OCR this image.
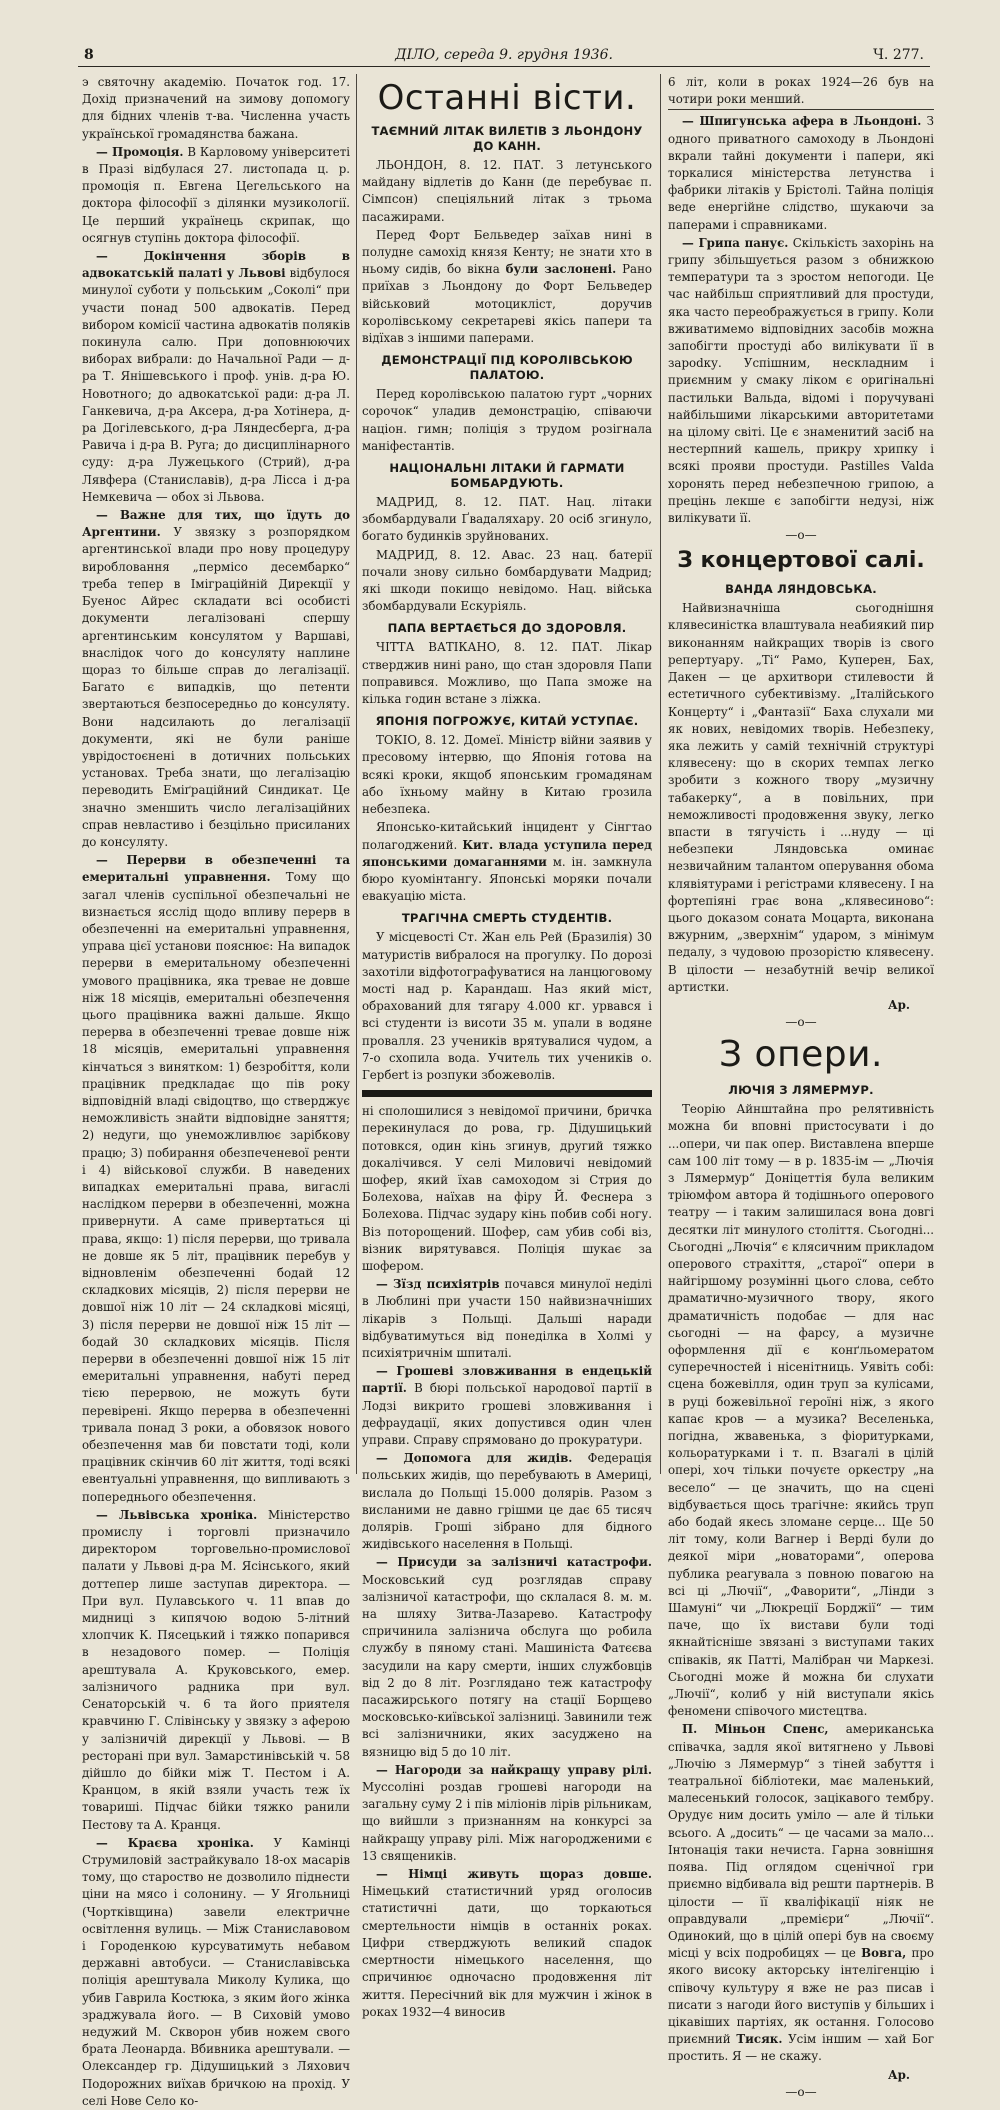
8	ДІЛО, середа 9. грудня 1936.	Ч. 277.

э святочну академію. Початок год. 17. Дохід призначений на зимову допомогу для бідних членів т-ва. Численна участь української громадянства бажана.

— Промоція. В Карловому університеті в Празі відбулася 27. листопада ц. р. промоція п. Евгена Цегельського на доктора філософії з ділянки музикології. Це перший українець скрипак, що осягнув ступінь доктора філософії.

— Докінчення зборів в адвокатській палаті у Львові відбулося минулої суботи у польським „Соколі“ при участи понад 500 адвокатів. Перед вибором комісії частина адвокатів поляків покинула салю. При доповнюючих виборах вибрали: до Начальної Ради — д-ра Т. Янішевського і проф. унів. д-ра Ю. Новотного; до адвокатської ради: д-ра Л. Ганкевича, д-ра Аксера, д-ра Хотінера, д-ра Догілевського, д-ра Ляндесберга, д-ра Равича і д-ра В. Руга; до дисциплінарного суду: д-ра Лужецького (Стрий), д-ра Лявфера (Станиславів), д-ра Лісса і д-ра Немкевича — обох зі Львова.

— Важне для тих, що їдуть до Аргентини. У звязку з розпорядком аргентинської влади про нову процедуру виробловання „пермісо десембарко“ треба тепер в Іміграційній Дирекції у Буенос Айрес складати всі особисті документи легалізовані спершу аргентинським консулятом у Варшаві, внаслідок чого до консуляту наплине щораз то більше справ до легалізації. Багато є випадків, що петенти звертаються безпосередньо до консуляту. Вони надсилають до легалізації документи, які не були раніше уврідостоєнені в дотичних польських установах. Треба знати, що легалізацію переводить Еміґраційний Синдикат. Це значно зменшить число легалізаційних справ невластиво і безцільно присиланих до консуляту.

— Перерви в обезпеченні та емеритальні управнення. Тому що загал членів суспільної обезпечальні не визнається ясслід щодо впливу перерв в обезпеченні на емеритальні управнення, управа цієї установи пояснює: На випадок перерви в емеритальному обезпеченні умового працівника, яка тревае не довше ніж 18 місяців, емеритальні обезпечення цього працівника важні дальше. Якщо перерва в обезпеченні тревае довше ніж 18 місяців, емеритальні управнення кінчаться з винятком: 1) безробіття, коли працівник предкладає що пів року відповідній владі свідоцтво, що стверджує неможливість знайти відповідне заняття; 2) недуги, що унеможливлює зарібкову працю; 3) побирання обезпеченевої ренти і 4) військової служби. В наведених випадках емеритальні права, вигаслі наслідком перерви в обезпеченні, можна привернути. А саме привертаться ці права, якщо: 1) після перерви, що тривала не довше як 5 літ, працівник перебув у відновленім обезпеченні бодай 12 складкових місяців, 2) після перерви не довшої ніж 10 літ — 24 складкові місяці, 3) після перерви не довшої ніж 15 літ — бодай 30 складкових місяців. Після перерви в обезпеченні довшої ніж 15 літ емеритальні управнення, набуті перед тією перервою, не можуть бути перевірені. Якщо перерва в обезпеченні тривала понад 3 роки, а обовязок нового обезпечення мав би повстати тоді, коли працівник скінчив 60 літ життя, тоді всякі евентуальні управнення, що випливають з попереднього обезпечення.

— Львівська хроніка. Міністерство промислу і торговлі призначило директором торговельно-промислової палати у Львові д-ра М. Ясінського, який доттепер лише заступав директора. — При вул. Пулавського ч. 11 впав до мидниці з кипячою водою 5-літний хлопчик К. Пясецький і тяжко попарився в незадового помер. — Поліція арештувала А. Круковського, емер. залізничого радника при вул. Сенаторській ч. 6 та його приятеля кравчиню Г. Слівінську у звязку з аферою у залізничій дирекції у Львові. — В ресторані при вул. Замарстинівській ч. 58 дійшло до бійки між Т. Пестом і А. Кранцом, в якій взяли участь теж їх товариші. Підчас бійки тяжко ранили Пестову та А. Кранця.

— Краєва хроніка. У Камінці Струмиловій застрайкувало 18-ох масарів тому, що староство не дозволило піднести ціни на мясо і солонину. — У Ягольниці (Чортківщина) завели електричне освітлення вулиць. — Між Станиславовом і Городенкою курсуватимуть небавом державні автобуси. — Станиславівська поліція арештувала Миколу Кулика, що убив Гаврила Костюка, з яким його жінка зраджувала його. — В Сиховій умово недужий М. Скворон убив ножем свого брата Леонарда. Вбивника арештували. — Олександер гр. Дідушицький з Ляхович Подорожних виїхав бричкою на прохід. У селі Нове Село ко-

Останні вісти.
ТАЄМНИЙ ЛІТАК ВИЛЕТІВ З ЛЬОНДОНУ ДО КАНН.

ЛЬОНДОН, 8. 12. ПАТ. З летунського майдану відлетів до Канн (де перебуває п. Сімпсон) спеціяльний літак з трьома пасажирами.

Перед Форт Бельведер заїхав нині в полудне самохід князя Кенту; не знати хто в ньому сидів, бо вікна були заслонені. Рано приїхав з Льондону до Форт Бельведер військовий мотоцикліст, доручив королівському секретареві якісь папери та відїхав з іншими паперами.

ДЕМОНСТРАЦІЇ ПІД КОРОЛІВСЬКОЮ ПАЛАТОЮ.

Перед королівською палатою гурт „чорних сорочок“ уладив демонстрацію, співаючи націон. гимн; поліція з трудом розігнала маніфестантів.

НАЦІОНАЛЬНІ ЛІТАКИ Й ГАРМАТИ БОМБАРДУЮТЬ.

МАДРИД, 8. 12. ПАТ. Нац. літаки збомбардували Ґвадаляхару. 20 осіб згинуло, богато будинків зруйнованих.

МАДРИД, 8. 12. Авас. 23 нац. батерії почали знову сильно бомбардувати Мадрид; які шкоди покищо невідомо. Нац. війська збомбардували Ескуріяль.

ПАПА ВЕРТАЄТЬСЯ ДО ЗДОРОВЛЯ.

ЧІТТА ВАТІКАНО, 8. 12. ПАТ. Лікар стверджив нині рано, що стан здоровля Папи поправився. Можливо, що Папа зможе на кілька годин встане з ліжка.

ЯПОНІЯ ПОГРОЖУЄ, КИТАЙ УСТУПАЄ.

ТОКІО, 8. 12. Домеї. Міністр війни заявив у пресовому інтервю, що Японія готова на всякі кроки, якщоб японським громадянам або їхньому майну в Китаю грозила небезпека.

Японсько-китайський інцидент у Сінгтао полагоджений. Кит. влада уступила перед японськими домаганнями м. ін. замкнула бюро куомінтангу. Японські моряки почали евакуацію міста.

ТРАГІЧНА СМЕРТЬ СТУДЕНТІВ.

У місцевості Ст. Жан ель Рей (Бразилія) 30 матуристів вибралося на прогулку. По дорозі захотіли відфотографуватися на ланцюговому мості над р. Карандаш. Наз який міст, обрахований для тягару 4.000 кг. урвався і всі студенти із висоти 35 м. упали в водяне провалля. 23 учеників врятувалися чудом, а 7-о схопила вода. Учитель тих учеників о. Гербert із розпуки збожеволів.

ні сполошилися з невідомої причини, бричка перекинулася до рова, гр. Дідушицький потовкся, один кінь згинув, другий тяжко докалічився. У селі Миловичі невідомий шофер, який їхав самоходом зі Стрия до Болехова, наїхав на фіру Й. Феснера з Болехова. Підчас зудару кінь побив собі ногу. Віз поторощений. Шофер, сам убив собі віз, візник вирятувався. Поліція шукає за шофером.

— Зїзд психіятрів почався минулої неділі в Люблині при участи 150 найвизначніших лікарів з Польщі. Дальші наради відбуватимуться від понеділка в Холмі у психіятричнім шпиталі.

— Грошеві зловживання в ендецькій партії. В бюрі польської народової партії в Лодзі викрито грошеві зловживання і дефраудації, яких допустився один член управи. Справу спрямовано до прокуратури.

— Допомога для жидів. Федерація польських жидів, що перебувають в Америці, вислала до Польщі 15.000 долярів. Разом з висланими не давно грішми це дає 65 тисяч долярів. Гроші зібрано для бідного жидівського населення в Польщі.

— Присуди за залізничі катастрофи. Московський суд розглядав справу залізничої катастрофи, що склалася 8. м. м. на шляху Зитва-Лазарево. Катастрофу спричинила залізнича обслуга що робила службу в пяному стані. Машиніста Фатєєва засудили на кару смерти, інших службовців від 2 до 8 літ. Розглядано теж катастрофу пасажирського потягу на стації Борщево московсько-київської залізниці. Завинили теж всі залізничники, яких засуджено на вязницю від 5 до 10 літ.

— Нагороди за найкращу управу рілі. Муссоліні роздав грошеві нагороди на загальну суму 2 і пів міліонів лірів рільникам, що вийшли з признанням на конкурсі за найкращу управу рілі. Між нагородженими є 13 священиків.

— Німці живуть щораз довше. Німецький статистичний уряд оголосив статистичні дати, що торкаються смертельности німців в останніх роках. Цифри стверджують великий спадок смертности німецького населення, що спричинює одночасно продовження літ життя. Пересічний вік для мужчин і жінок в роках 1932—4 виносив

6 літ, коли в роках 1924—26 був на чотири роки менший.

— Шпигунська афера в Льондоні. З одного приватного самоходу в Льондоні вкрали тайні документи і папери, які торкалися міністерства летунства і фабрики літаків у Брістолі. Тайна поліція веде енергійне слідство, шукаючи за паперами і справниками.

— Грипа панує. Скількість захорінь на грипу збільшується разом з обнижкою температури та з зростом непогоди. Це час найбільш сприятливий для простуди, яка часто переображується в грипу. Коли вживатимемо відповідних засобів можна запобігти простуді або вилікувати її в зарodку. Успішним, нескладним і приємним у смаку ліком є оригінальні пастильки Вальда, відомі і поручувані найбільшими лікарськими авторитетами на цілому світі. Це є знаменитий засіб на нестерпний кашель, прикру хрипку і всякі прояви простуди. Pastilles Valda хоронять перед небезпечною грипою, а прецінь лекше є запобігти недузі, ніж вилікувати її.

—o—
З концертової салі.
ВАНДА ЛЯНДОВСЬКА.

Найвизначніша сьогоднішня клявесиністка влаштувала неабиякий пир виконанням найкращих творів із свого репертуару. „Ті“ Рамо, Куперен, Бах, Дакен — це архитвори стилевости й естетичного субективізму. „Італійського Концерту“ і „Фантазії“ Баха слухали ми як нових, невідомих творів. Небезпеку, яка лежить у самій технічній структурі клявесену: що в скорих темпах легко зробити з кожного твору „музичну табакерку“, а в повільних, при неможливості продовження звуку, легко впасти в тягучість і ...нуду — ці небезпеки Ляндовська оминає незвичайним талантом оперування обома клявіятурами і регістрами клявесену. І на фортепіяні грає вона „клявесиново“: цього доказом соната Моцарта, виконана вжурним, „зверхнім“ ударом, з мінімум педалу, з чудовою прозорістю клявесену. В цілости — незабутній вечір великої артистки.

Ар.
—o—
З опери.
ЛЮЧІЯ З ЛЯМЕРМУР.

Теорію Айнштайна про релятивність можна би вповні пристосувати і до ...опери, чи пак опер. Виставлена вперше сам 100 літ тому — в р. 1835-ім — „Лючія з Лямермур“ Доніцеттія була великим тріюмфом автора й тодішнього оперового театру — і таким залишилася вона довгі десятки літ минулого століття. Сьогодні... Сьогодні „Лючія“ є клясичним прикладом оперового страхіття, „старої“ опери в найгіршому розумінні цього слова, себто драматично-музичного твору, якого драматичність подобає — для нас сьогодні — на фарсу, а музичне оформлення дії є конґльомератом суперечностей і нісенітниць. Уявіть собі: сцена божевілля, один труп за кулісами, в руці божевільної героїні ніж, з якого капає кров — а музика? Веселенька, погідна, жвавенька, з фіоритурками, кольоратурками і т. п. Взагалі в цілій опері, хоч тільки почуєте оркестру „на весело“ — це значить, що на сцені відбувається щось трагічне: якийсь труп або бодай якесь зломане серце... Ще 50 літ тому, коли Вагнер і Верді були до деякої міри „новаторами“, оперова публика реагувала з повною повагою на всі ці „Лючії“, „Фаворити“, „Лінди з Шамуні“ чи „Люкреції Борджії“ — тим паче, що їх вистави були тоді якнайтісніше звязані з виступами таких співаків, як Патті, Малібран чи Маркезі. Сьогодні може й можна би слухати „Лючії“, колиб у ній виступали якісь феномени співочого мистецтва.

П. Міньон Спенс, американська співачка, задля якої витягнено у Львові „Лючію з Лямермур“ з тіней забуття і театральної бібліотеки, має маленький, малесенький голосок, зацікавого тембру. Орудує ним досить уміло — але й тільки всього. А „досить“ — це часами за мало... Інтонація таки нечиста. Гарна зовнішня поява. Під оглядом сценічної гри приємно відбивала від решти партнерів. В цілости — її кваліфікації ніяк не оправдували „премієри“ „Лючії“. Одинокий, що в цілій опері був на своєму місці у всіх подробицях — це Вовга, про якого високу акторську інтелігенцію і співочу культуру я вже не раз писав і писати з нагоди його виступів у більших і цікавіших партіях, як остання. Голосово приємний Тисяк. Усім іншим — хай Бог простить. Я — не скажу.

Ар.
—o—
